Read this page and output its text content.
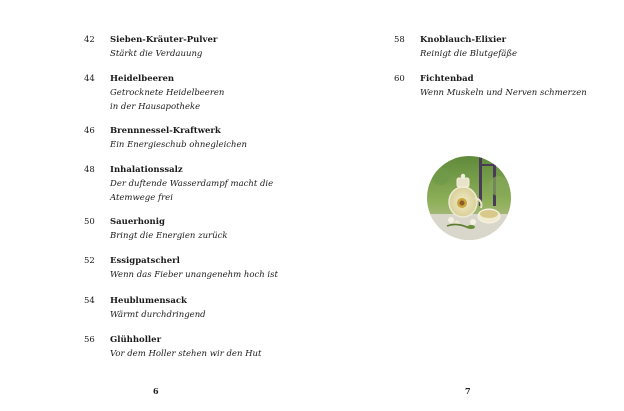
42	Sieben-Kräuter-Pulver
Stärkt die Verdauung
44	Heidelbeeren
Getrocknete Heidelbeeren in der Hausapotheke
46	Brennnessel-Kraftwerk
Ein Energieschub ohnegleichen
48	Inhalationssalz
Der duftende Wasserdampf macht die Atemwege frei
50	Sauerhonig
Bringt die Energien zurück
52	Essigpatscherl
Wenn das Fieber unangenehm hoch ist
54	Heublumensack
Wärmt durchdringend
56	Glühholler
Vor dem Holler stehen wir den Hut
6
58	Knoblauch-Elixier
Reinigt die Blutgefäße
60	Fichtenbad
Wenn Muskeln und Nerven schmerzen
7
